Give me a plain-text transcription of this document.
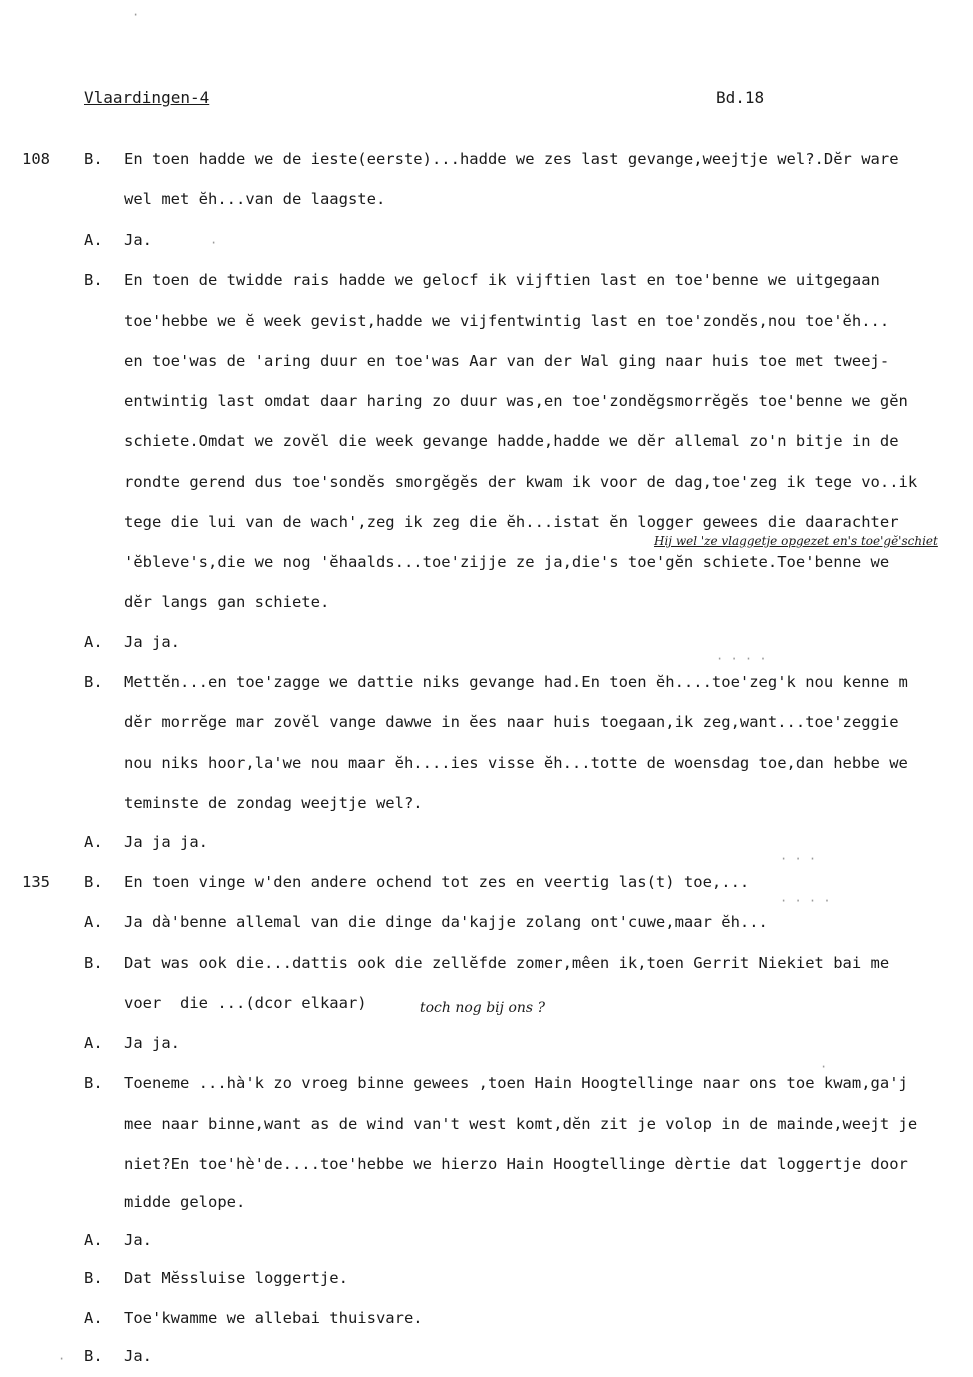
Vlaardingen-4	Bd.18
108 B. En toen hadde we de ieste(eerste)...hadde we zes last gevange,weejtje wel?.Dĕr ware
wel met ĕh...van de laagste.
A. Ja.
B. En toen de twidde rais hadde we gelocf ik vijftien last en toe'benne we uitgegaan
toe'hebbe we ĕ week gevist,hadde we vijfentwintig last en toe'zondĕs,nou toe'ĕh...
en toe'was de 'aring duur en toe'was Aar van der Wal ging naar huis toe met tweej-
entwintig last omdat daar haring zo duur was,en toe'zondĕgsmorrĕgĕs toe'benne we gĕn
schiete.Omdat we zovĕl die week gevange hadde,hadde we dĕr allemal zo'n bitje in de
rondte gerend dus toe'sondĕs smorgĕgĕs der kwam ik voor de dag,toe'zeg ik tege vo..ik
tege die lui van de wach',zeg ik zeg die ĕh...istat ĕn logger gewees die daarachter
'ĕbleve's,die we nog 'ĕhaalds...toe'zijje ze ja,die's toe'gĕn schiete.Toe'benne we
dĕr langs gan schiete.
A. Ja ja.
B. Mettĕn...en toe'zagge we dattie niks gevange had.En toen ĕh....toe'zeg'k nou kenne m
dĕr morrĕge mar zovĕl vange dawwe in ĕes naar huis toegaan,ik zeg,want...toe'zeggie
nou niks hoor,la'we nou maar ĕh....ies visse ĕh...totte de woensdag toe,dan hebbe we
teminste de zondag weejtje wel?.
A. Ja ja ja.
135 B. En toen vinge w'den andere ochend tot zes en veertig las(t) toe,...
A. Ja dà'benne allemal van die dinge da'kajje zolang ont'cuwe,maar ĕh...
B. Dat was ook die...dattis ook die zellĕfde zomer,mêen ik,toen Gerrit Niekiet bai me
voer  die ...(dcor elkaar)
A. Ja ja.
B. Toeneme ...hà'k zo vroeg binne gewees ,toen Hain Hoogtellinge naar ons toe kwam,ga'j
mee naar binne,want as de wind van't west komt,dĕn zit je volop in de mainde,weejt je
niet?En toe'hè'de....toe'hebbe we hierzo Hain Hoogtellinge dèrtie dat loggertje door
midde gelope.
A. Ja.
B. Dat Mĕssluise loggertje.
A. Toe'kwamme we allebai thuisvare.
B. Ja.
Hij wel 'ze vlaggetje opgezet en's toe'gĕ'schiet
toch nog bij ons ?
·
·
· · · ·
· · ·
· · · ·
·
·
